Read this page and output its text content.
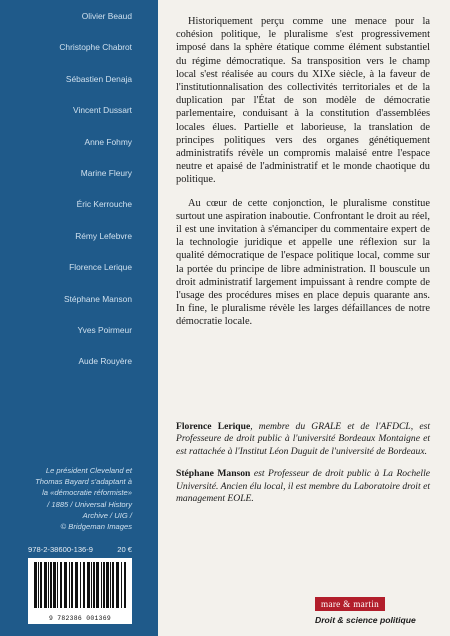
Olivier Beaud
Christophe Chabrot
Sébastien Denaja
Vincent Dussart
Anne Fohmy
Marine Fleury
Éric Kerrouche
Rémy Lefebvre
Florence Lerique
Stéphane Manson
Yves Poirmeur
Aude Rouyère
Le président Cleveland et
Thomas Bayard s'adaptant à
la «démocratie réformiste»
/ 1885 / Universal History
Archive / UIG /
© Bridgeman Images
978-2-38600-136-9	20 €
9 782386 001369

Historiquement perçu comme une menace pour la cohésion politique, le pluralisme s'est progressivement imposé dans la sphère étatique comme élément substantiel du régime démocratique. Sa transposition vers le champ local s'est réalisée au cours du XIXe siècle, à la faveur de l'institutionnalisation des collectivités territoriales et de la duplication par l'État de son modèle de démocratie parlementaire, conduisant à la constitution d'assemblées locales élues. Partielle et laborieuse, la translation de principes politiques vers des organes génétiquement administratifs révèle un compromis malaisé entre l'espace neutre et apaisé de l'administratif et le monde chaotique du politique.

Au cœur de cette conjonction, le pluralisme constitue surtout une aspiration inaboutie. Confrontant le droit au réel, il est une invitation à s'émanciper du commentaire expert de la technologie juridique et appelle une réflexion sur la qualité démocratique de l'espace politique local, comme sur la portée du principe de libre administration. Il bouscule un droit administratif largement impuissant à rendre compte de l'usage des procédures mises en place depuis quarante ans. In fine, le pluralisme révèle les larges défaillances de notre démocratie locale.

Florence Lerique, membre du GRALE et de l'AFDCL, est Professeure de droit public à l'université Bordeaux Montaigne et est rattachée à l'Institut Léon Duguit de l'université de Bordeaux.

Stéphane Manson est Professeur de droit public à La Rochelle Université. Ancien élu local, il est membre du Laboratoire droit et management EOLE.

mare & martin
Droit & science politique
